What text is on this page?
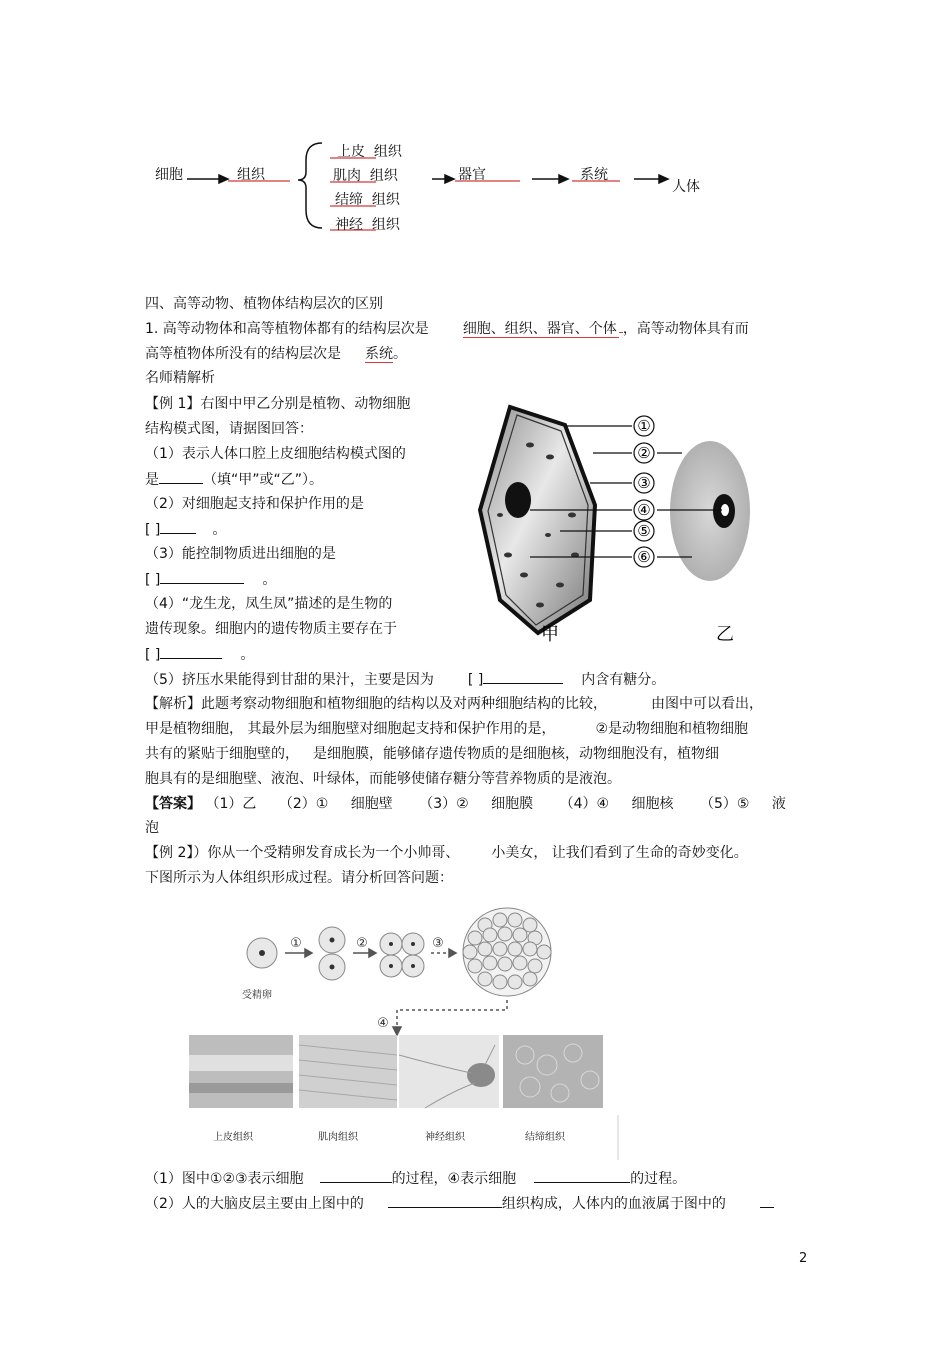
细胞	组织
上皮 组织
肌肉 组织
结缔 组织
神经 组织
器官	系统
人体
四、高等动物、植物体结构层次的区别
1. 高等动物体和高等植物体都有的结构层次是 细胞、组织、器官、个体 ，高等动物体具有而
高等植物体所没有的结构层次是 系统。
名师精解析
【例 1】右图中甲乙分别是植物、动物细胞
结构模式图，请据图回答：
（1）表示人体口腔上皮细胞结构模式图的
是	（填“甲”或“乙”）。
（2）对细胞起支持和保护作用的是
[ ]	。
（3）能控制物质进出细胞的是
[ ]	。
（4）“龙生龙，凤生凤”描述的是生物的
遗传现象。细胞内的遗传物质主要存在于
[ ]	。
（5）挤压水果能得到甘甜的果汁，主要是因为 [ ]	内含有糖分。
【解析】此题考察动物细胞和植物细胞的结构以及对两种细胞结构的比较，	由图中可以看出，
甲是植物细胞， 其最外层为细胞壁对细胞起支持和保护作用的是，	②是动物细胞和植物细胞
共有的紧贴于细胞壁的， 是细胞膜，能够储存遗传物质的是细胞核，动物细胞没有，植物细
胞具有的是细胞壁、液泡、叶绿体，而能够使储存糖分等营养物质的是液泡。
【答案】 （1）乙 （2）① 细胞壁 （3）② 细胞膜 （4）④ 细胞核 （5）⑤ 液
泡
①
②
③
④
⑤
⑥
甲	乙
【例 2】）你从一个受精卵发育成长为一个小帅哥、 小美女， 让我们看到了生命的奇妙变化。
下图所示为人体组织形成过程。请分析回答问题：
①	②	③
④
受精卵
上皮组织	肌肉组织	神经组织	结缔组织
（1）图中①②③表示细胞	的过程，④表示细胞	的过程。
（2）人的大脑皮层主要由上图中的	组织构成，人体内的血液属于图中的
2
